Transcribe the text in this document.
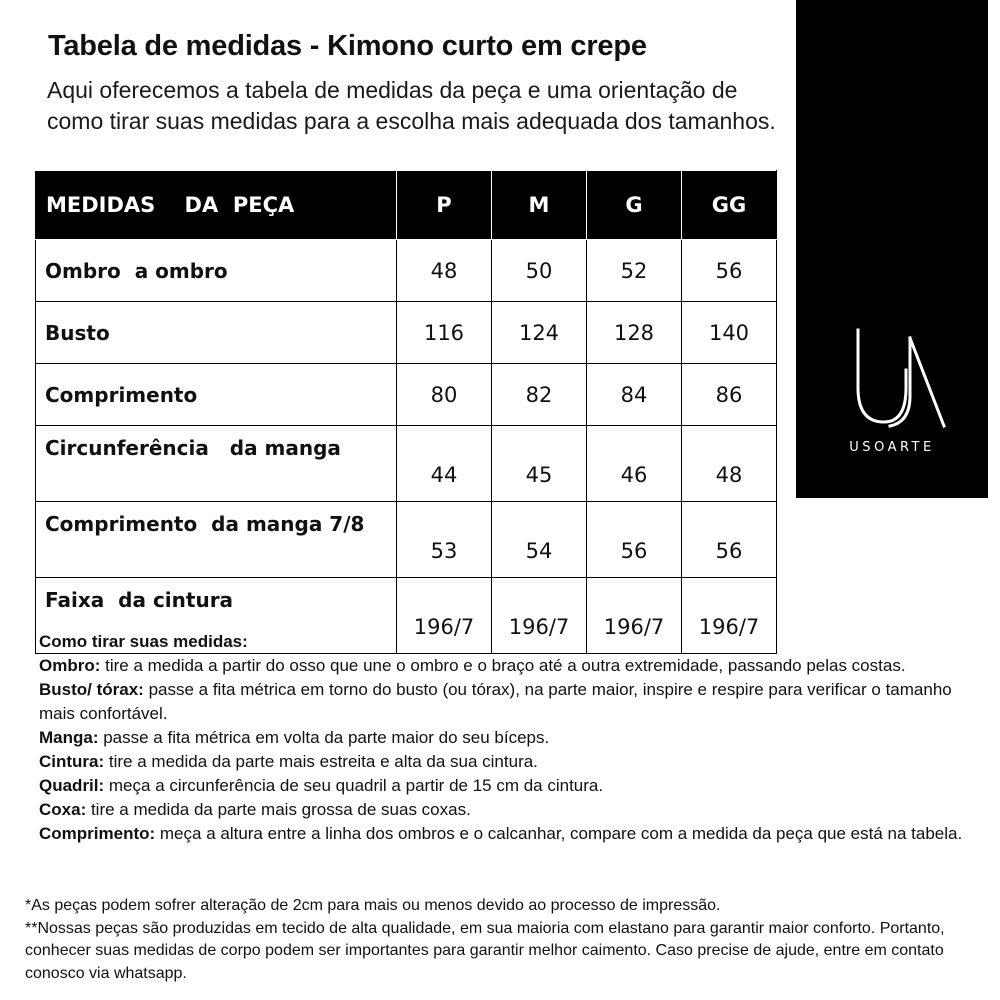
Tabela de medidas - Kimono curto em crepe
Aqui oferecemos a tabela de medidas da peça e uma orientação de como tirar suas medidas para a escolha mais adequada dos tamanhos.
USOARTE
MEDIDAS    DA  PEÇA	P	M	G	GG
Ombro  a ombro	48	50	52	56
Busto	116	124	128	140
Comprimento	80	82	84	86
Circunferência   da manga	44	45	46	48
Comprimento  da manga 7/8	53	54	56	56
Faixa  da cintura	196/7	196/7	196/7	196/7
Como tirar suas medidas:
Ombro: tire a medida a partir do osso que une o ombro e o braço até a outra extremidade, passando pelas costas.
Busto/ tórax: passe a fita métrica em torno do busto (ou tórax), na parte maior, inspire e respire para verificar o tamanho mais confortável.
Manga: passe a fita métrica em volta da parte maior do seu bíceps.
Cintura: tire a medida da parte mais estreita e alta da sua cintura.
Quadril: meça a circunferência de seu quadril a partir de 15 cm da cintura.
Coxa: tire a medida da parte mais grossa de suas coxas.
Comprimento: meça a altura entre a linha dos ombros e o calcanhar, compare com a medida da peça que está na tabela.
*As peças podem sofrer alteração de 2cm para mais ou menos devido ao processo de impressão.
**Nossas peças são produzidas em tecido de alta qualidade, em sua maioria com elastano para garantir maior conforto. Portanto, conhecer suas medidas de corpo podem ser importantes para garantir melhor caimento. Caso precise de ajude, entre em contato conosco via whatsapp.
